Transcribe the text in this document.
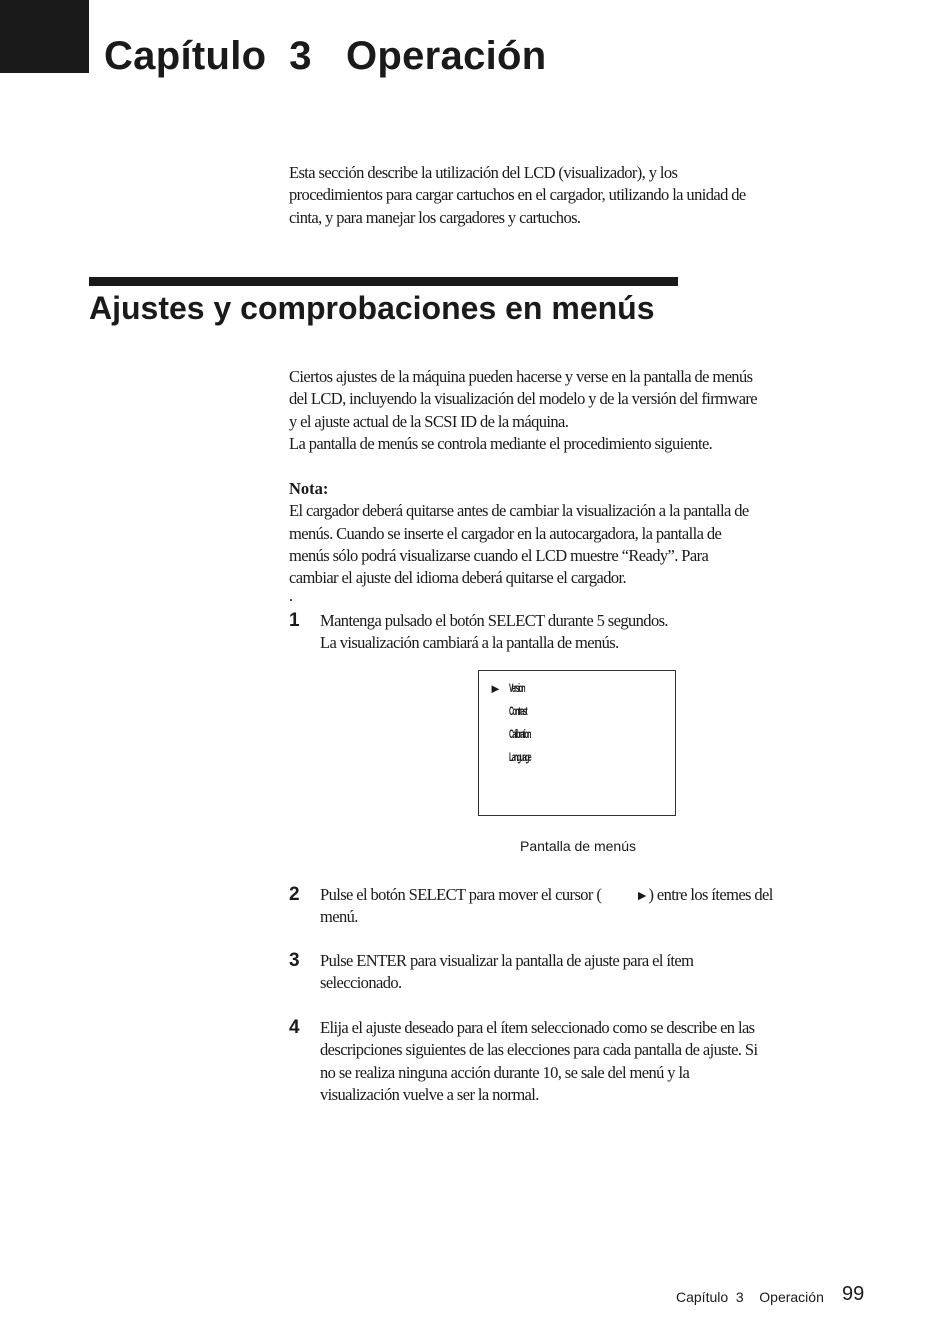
Capítulo  3   Operación

Esta sección describe la utilización del LCD (visualizador), y los

procedimientos para cargar cartuchos en el cargador, utilizando la unidad de

cinta, y para manejar los cargadores y cartuchos.

Ajustes y comprobaciones en menús

Ciertos ajustes de la máquina pueden hacerse y verse en la pantalla de menús

del LCD, incluyendo la visualización del modelo y de la versión del firmware

y el ajuste actual de la SCSI ID de la máquina.

La pantalla de menús se controla mediante el procedimiento siguiente.

Nota:

El cargador deberá quitarse antes de cambiar la visualización a la pantalla de

menús. Cuando se inserte el cargador en la autocargadora, la pantalla de

menús sólo podrá visualizarse cuando el LCD muestre “Ready”. Para

cambiar el ajuste del idioma deberá quitarse el cargador.

.

1 Mantenga pulsado el botón SELECT durante 5 segundos.

La visualización cambiará a la pantalla de menús.

► Version
Contrast
Calibration
Language
Pantalla de menús
2 Pulse el botón SELECT para mover el cursor ( ►) entre los ítemes del

menú.

3 Pulse ENTER para visualizar la pantalla de ajuste para el ítem

seleccionado.

4 Elija el ajuste deseado para el ítem seleccionado como se describe en las

descripciones siguientes de las elecciones para cada pantalla de ajuste. Si

no se realiza ninguna acción durante 10, se sale del menú y la

visualización vuelve a ser la normal.

Capítulo  3    Operación 99
